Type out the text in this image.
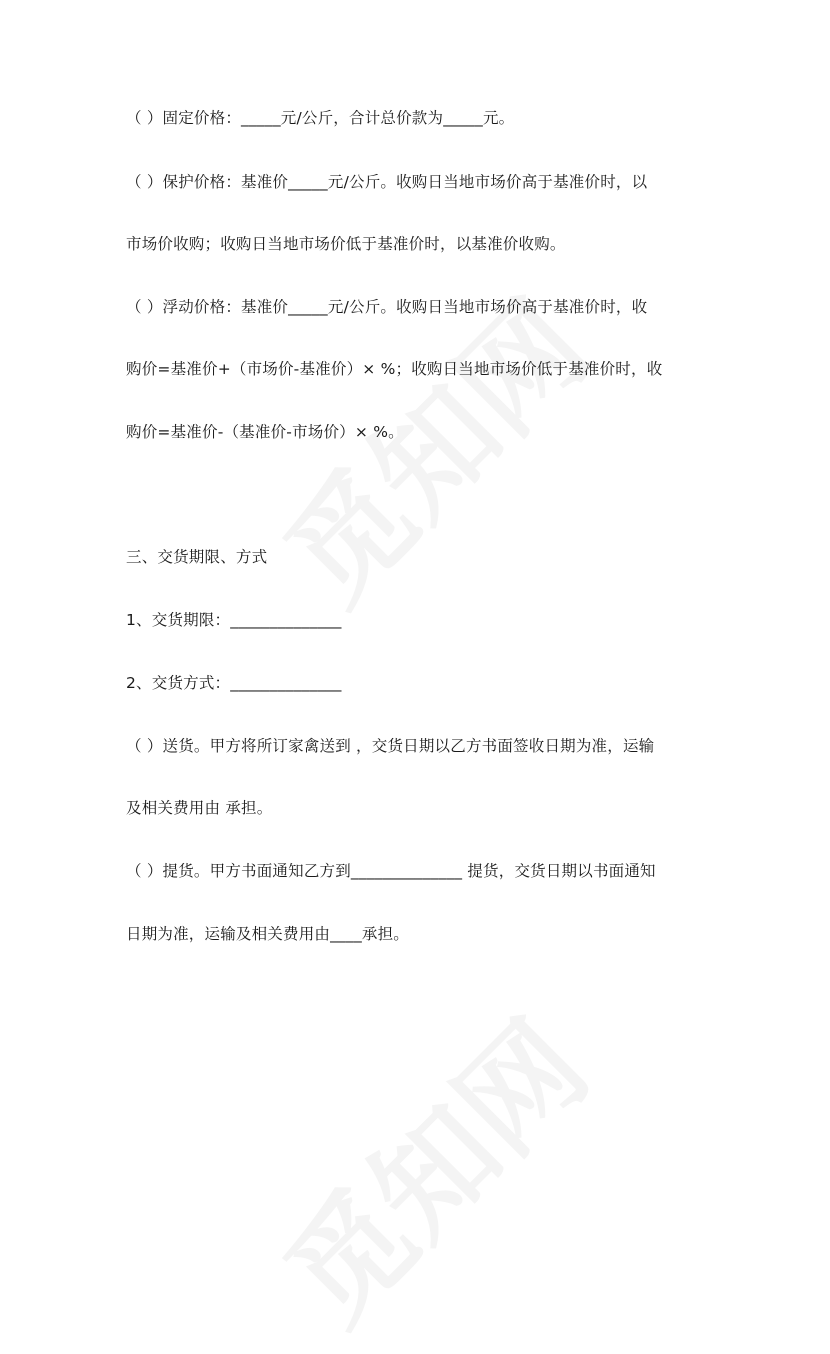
（ ）固定价格：_____元/公斤，合计总价款为_____元。
（ ）保护价格：基准价_____元/公斤。收购日当地市场价高于基准价时，以
市场价收购；收购日当地市场价低于基准价时，以基准价收购。
（ ）浮动价格：基准价_____元/公斤。收购日当地市场价高于基准价时，收
购价=基准价+（市场价-基准价）× %；收购日当地市场价低于基准价时，收
购价=基准价-（基准价-市场价）× %。
三、交货期限、方式
1、交货期限：______________
2、交货方式：______________
（ ）送货。甲方将所订家禽送到 ，交货日期以乙方书面签收日期为准，运输
及相关费用由 承担。
（ ）提货。甲方书面通知乙方到______________ 提货，交货日期以书面通知
日期为准，运输及相关费用由____承担。
